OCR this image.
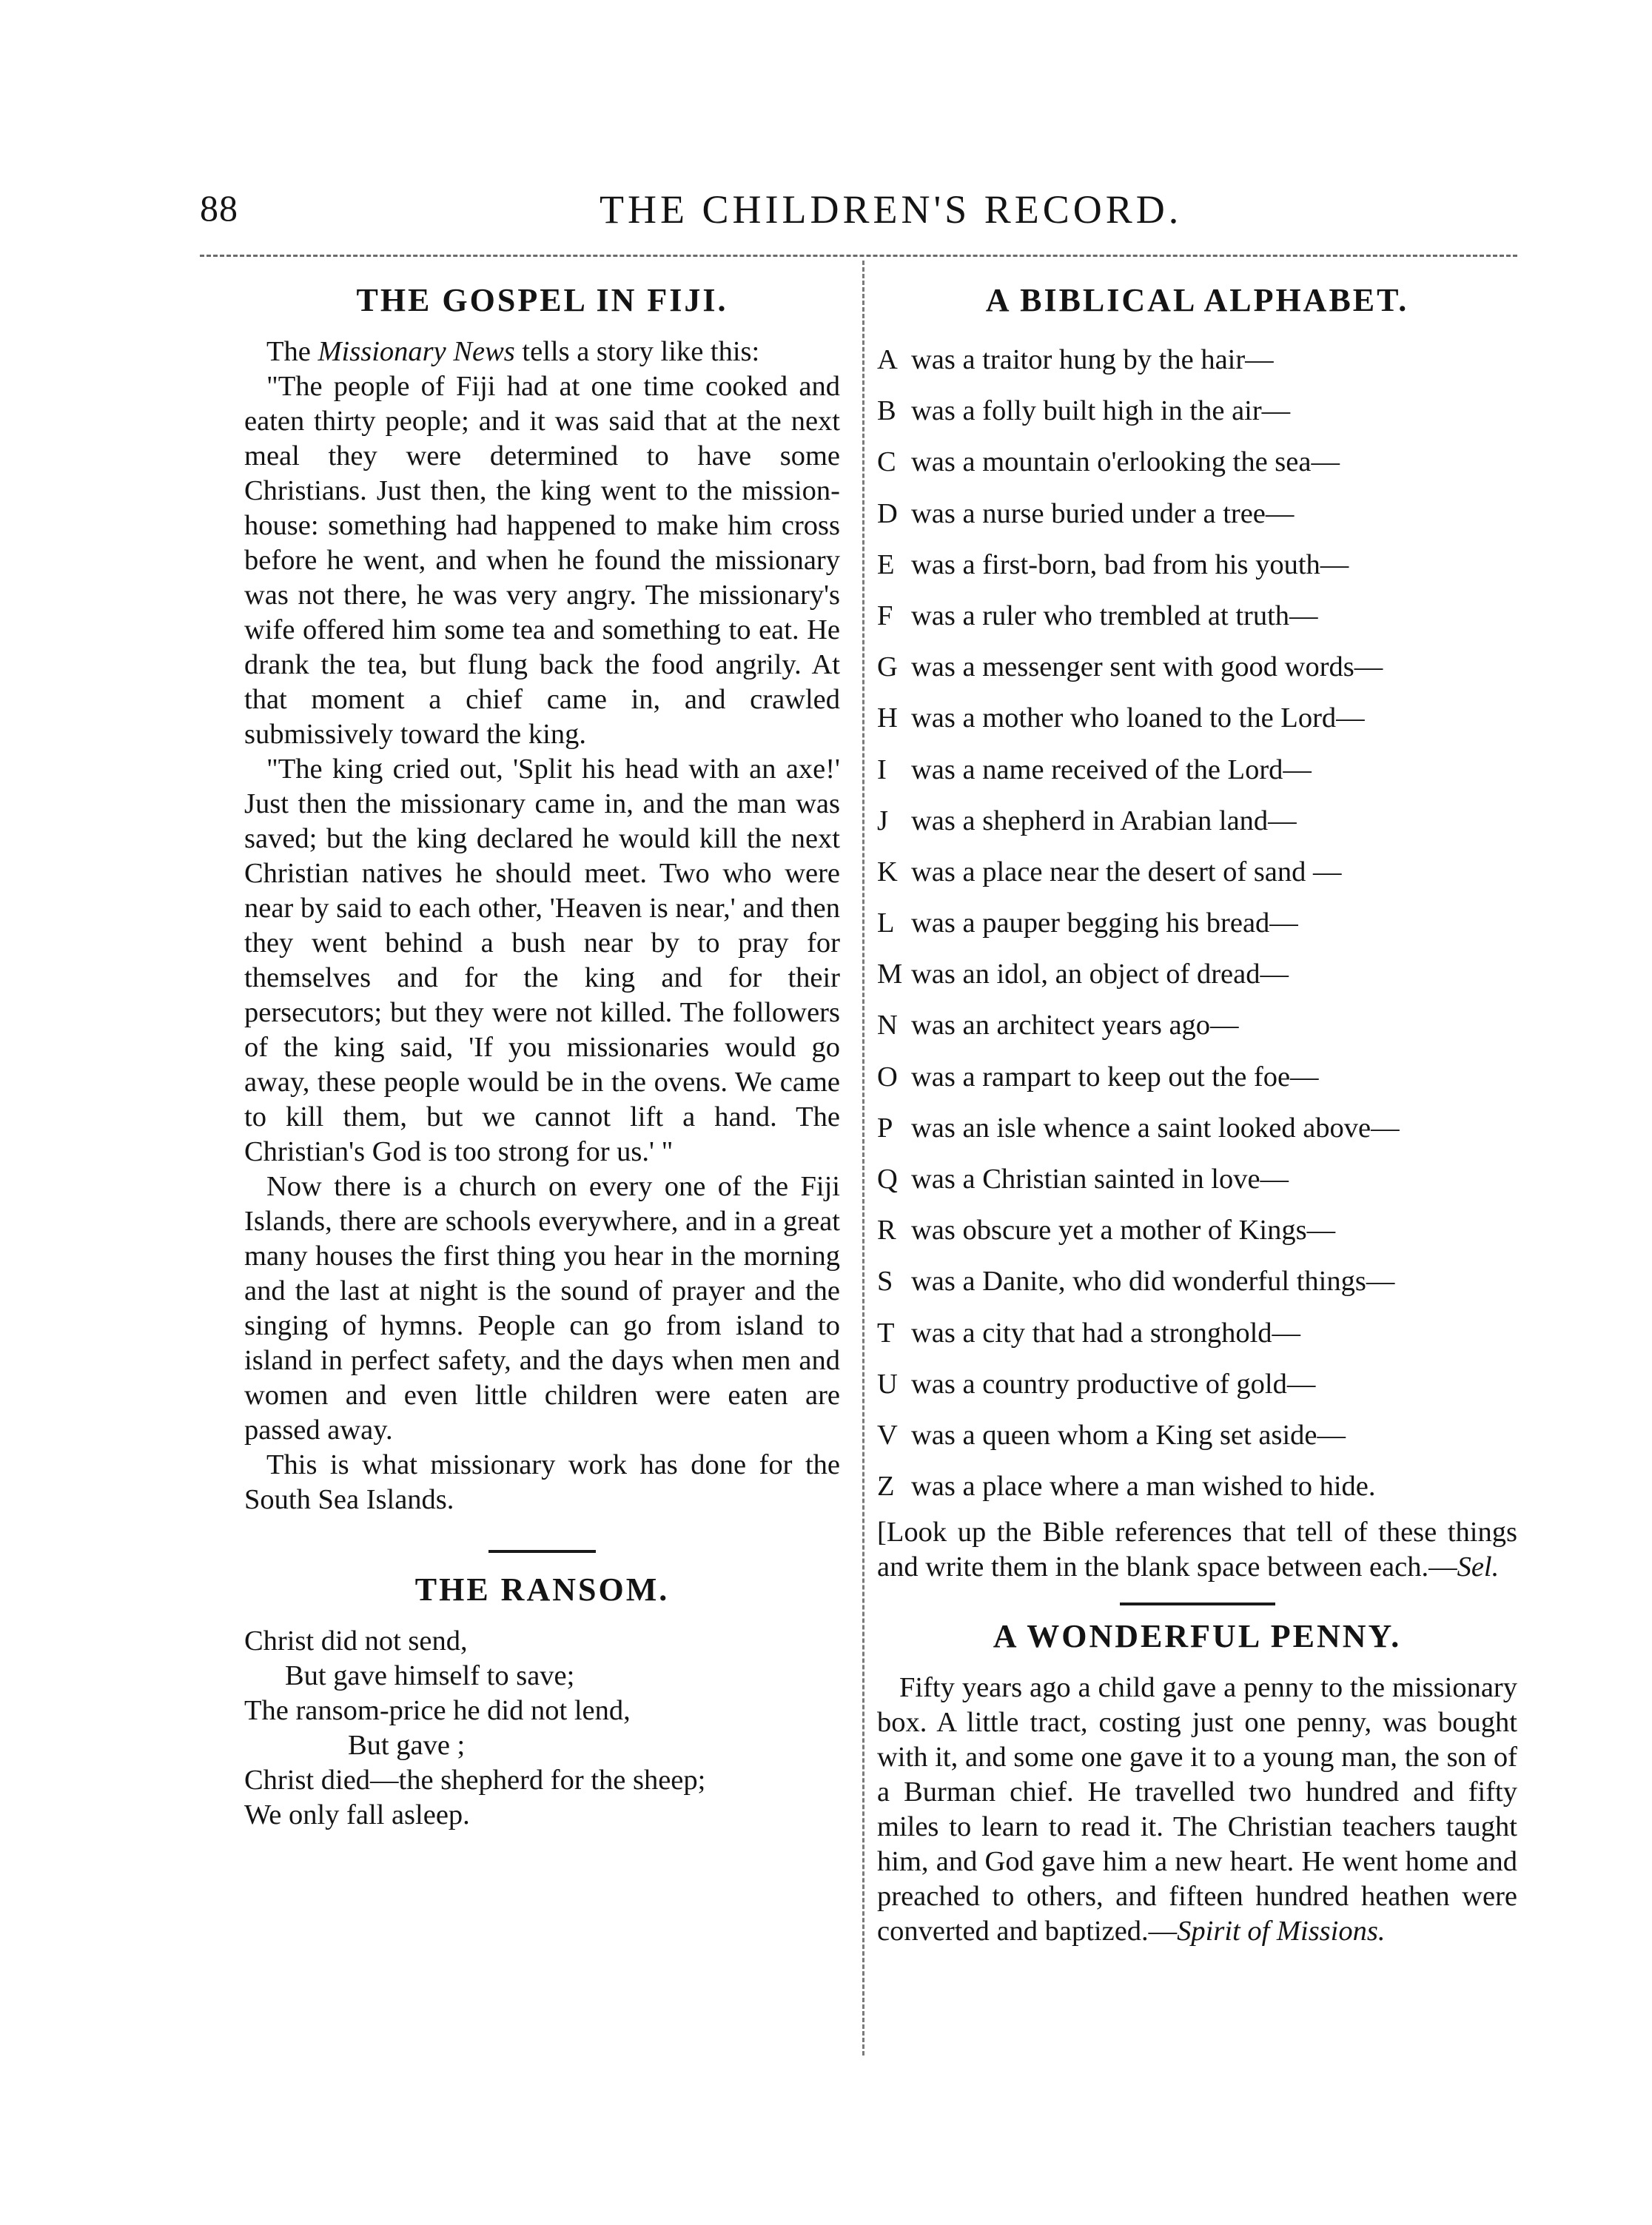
88	THE CHILDREN'S RECORD.
THE GOSPEL IN FIJI.

The Missionary News tells a story like this:

"The people of Fiji had at one time cooked and eaten thirty people; and it was said that at the next meal they were determined to have some Christians. Just then, the king went to the mission-house: something had happened to make him cross before he went, and when he found the missionary was not there, he was very angry. The missionary's wife offered him some tea and something to eat. He drank the tea, but flung back the food angrily. At that moment a chief came in, and crawled submissively toward the king.

"The king cried out, 'Split his head with an axe!' Just then the missionary came in, and the man was saved; but the king declared he would kill the next Christian natives he should meet. Two who were near by said to each other, 'Heaven is near,' and then they went behind a bush near by to pray for themselves and for the king and for their persecutors; but they were not killed. The followers of the king said, 'If you missionaries would go away, these people would be in the ovens. We came to kill them, but we cannot lift a hand. The Christian's God is too strong for us.' "

Now there is a church on every one of the Fiji Islands, there are schools everywhere, and in a great many houses the first thing you hear in the morning and the last at night is the sound of prayer and the singing of hymns. People can go from island to island in perfect safety, and the days when men and women and even little children were eaten are passed away.

This is what missionary work has done for the South Sea Islands.

THE RANSOM.

Christ did not send,

But gave himself to save;

The ransom-price he did not lend,

But gave ;

Christ died—the shepherd for the sheep;

We only fall asleep.

A BIBLICAL ALPHABET.
A was a traitor hung by the hair—
B was a folly built high in the air—
C was a mountain o'erlooking the sea—
D was a nurse buried under a tree—
E was a first-born, bad from his youth—
F was a ruler who trembled at truth—
G was a messenger sent with good words—
H was a mother who loaned to the Lord—
I was a name received of the Lord—
J was a shepherd in Arabian land—
K was a place near the desert of sand —
L was a pauper begging his bread—
M was an idol, an object of dread—
N was an architect years ago—
O was a rampart to keep out the foe—
P was an isle whence a saint looked above—
Q was a Christian sainted in love—
R was obscure yet a mother of Kings—
S was a Danite, who did wonderful things—
T was a city that had a stronghold—
U was a country productive of gold—
V was a queen whom a King set aside—
Z was a place where a man wished to hide.

[Look up the Bible references that tell of these things and write them in the blank space between each.—Sel.

A WONDERFUL PENNY.

Fifty years ago a child gave a penny to the missionary box. A little tract, costing just one penny, was bought with it, and some one gave it to a young man, the son of a Burman chief. He travelled two hundred and fifty miles to learn to read it. The Christian teachers taught him, and God gave him a new heart. He went home and preached to others, and fifteen hundred heathen were converted and baptized.—Spirit of Missions.
